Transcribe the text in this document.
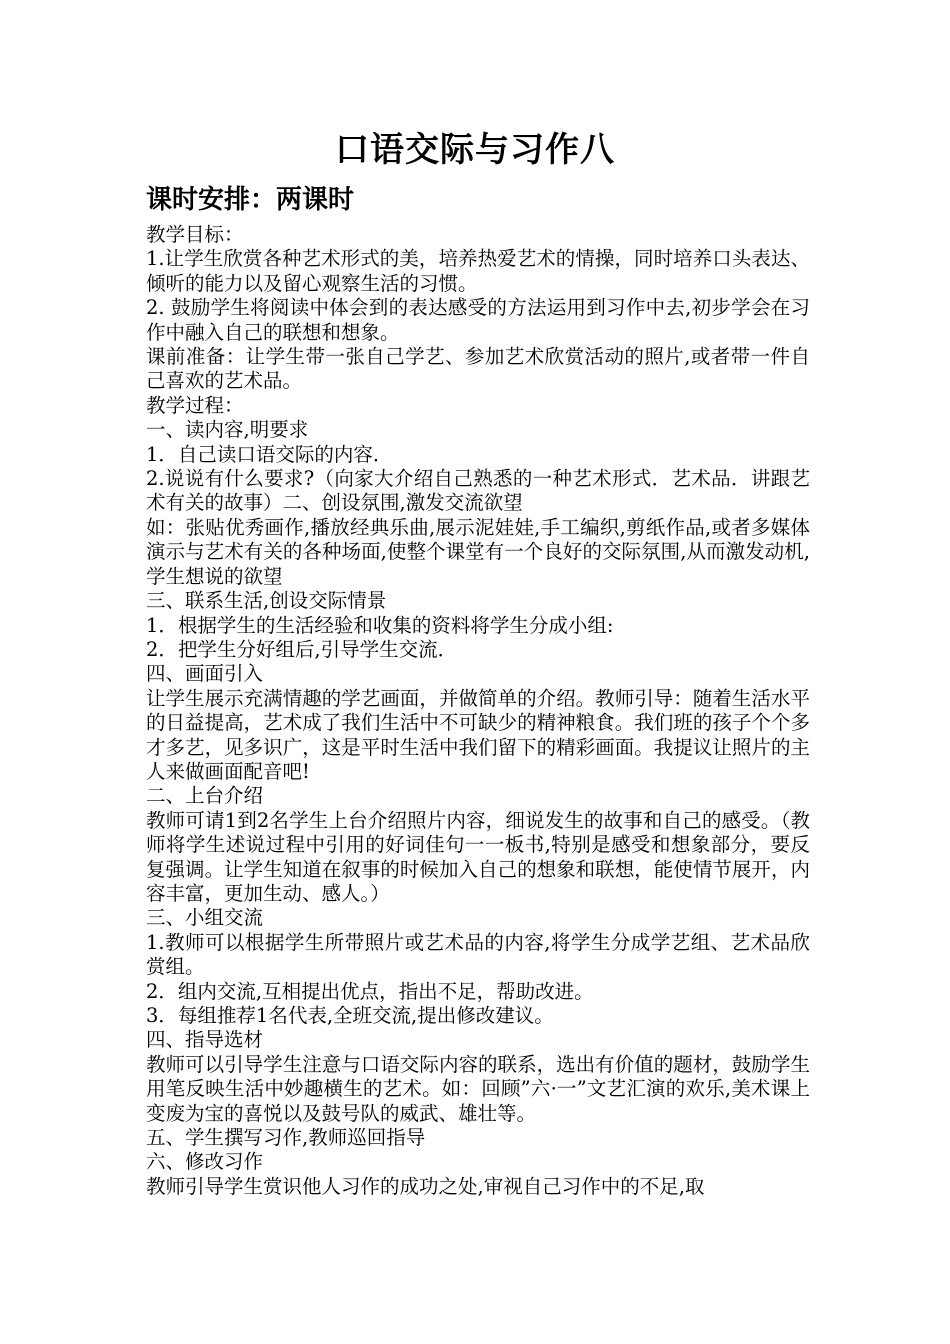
口语交际与习作八
课时安排：两课时

教学目标：

1.让学生欣赏各种艺术形式的美，培养热爱艺术的情操，同时培养口头表达、倾听的能力以及留心观察生活的习惯。

2. 鼓励学生将阅读中体会到的表达感受的方法运用到习作中去,初步学会在习作中融入自己的联想和想象。

课前准备：让学生带一张自己学艺、参加艺术欣赏活动的照片,或者带一件自己喜欢的艺术品。

教学过程：

一、读内容,明要求

1．自己读口语交际的内容．

2.说说有什么要求?（向家大介绍自己熟悉的一种艺术形式．艺术品．讲跟艺术有关的故事）二、创设氛围,激发交流欲望

如：张贴优秀画作,播放经典乐曲,展示泥娃娃,手工编织,剪纸作品,或者多媒体演示与艺术有关的各种场面,使整个课堂有一个良好的交际氛围,从而激发动机,学生想说的欲望

三、联系生活,创设交际情景

1．根据学生的生活经验和收集的资料将学生分成小组:

2．把学生分好组后,引导学生交流．

四、画面引入

让学生展示充满情趣的学艺画面，并做简单的介绍。教师引导：随着生活水平的日益提高，艺术成了我们生活中不可缺少的精神粮食。我们班的孩子个个多才多艺，见多识广，这是平时生活中我们留下的精彩画面。我提议让照片的主人来做画面配音吧!

二、上台介绍

教师可请1到2名学生上台介绍照片内容，细说发生的故事和自己的感受。（教师将学生述说过程中引用的好词佳句一一板书,特别是感受和想象部分，要反复强调。让学生知道在叙事的时候加入自己的想象和联想，能使情节展开，内容丰富，更加生动、感人。）

三、小组交流

1.教师可以根据学生所带照片或艺术品的内容,将学生分成学艺组、艺术品欣赏组。

2．组内交流,互相提出优点，指出不足，帮助改进。

3．每组推荐1名代表,全班交流,提出修改建议。

四、指导选材

教师可以引导学生注意与口语交际内容的联系，选出有价值的题材，鼓励学生用笔反映生活中妙趣横生的艺术。如：回顾”六·一”文艺汇演的欢乐,美术课上变废为宝的喜悦以及鼓号队的威武、雄壮等。

五、学生撰写习作,教师巡回指导

六、修改习作

教师引导学生赏识他人习作的成功之处,审视自己习作中的不足,取
